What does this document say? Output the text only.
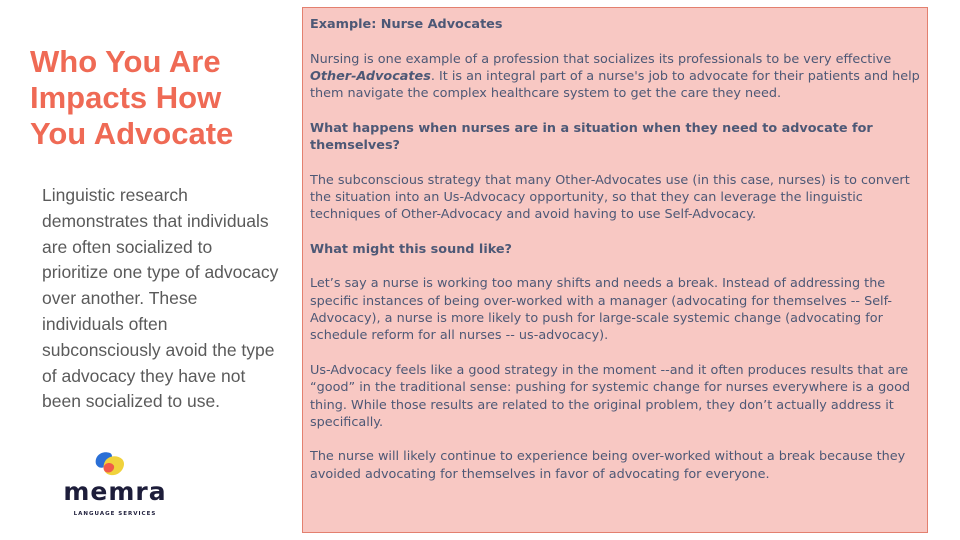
Who You Are
Impacts How
You Advocate

Linguistic research demonstrates that individuals are often socialized to prioritize one type of advocacy over another. These individuals often subconsciously avoid the type of advocacy they have not been socialized to use.

memra
LANGUAGE SERVICES

Example: Nurse Advocates

Nursing is one example of a profession that socializes its professionals to be very effective Other-Advocates. It is an integral part of a nurse's job to advocate for their patients and help them navigate the complex healthcare system to get the care they need.

What happens when nurses are in a situation when they need to advocate for themselves?

The subconscious strategy that many Other-Advocates use (in this case, nurses) is to convert the situation into an Us-Advocacy opportunity, so that they can leverage the linguistic techniques of Other-Advocacy and avoid having to use Self-Advocacy.

What might this sound like?

Let’s say a nurse is working too many shifts and needs a break. Instead of addressing the specific instances of being over-worked with a manager (advocating for themselves -- Self-Advocacy), a nurse is more likely to push for large-scale systemic change (advocating for schedule reform for all nurses -- us-advocacy).

Us-Advocacy feels like a good strategy in the moment --and it often produces results that are “good” in the traditional sense: pushing for systemic change for nurses everywhere is a good thing. While those results are related to the original problem, they don’t actually address it specifically.

The nurse will likely continue to experience being over-worked without a break because they avoided advocating for themselves in favor of advocating for everyone.
